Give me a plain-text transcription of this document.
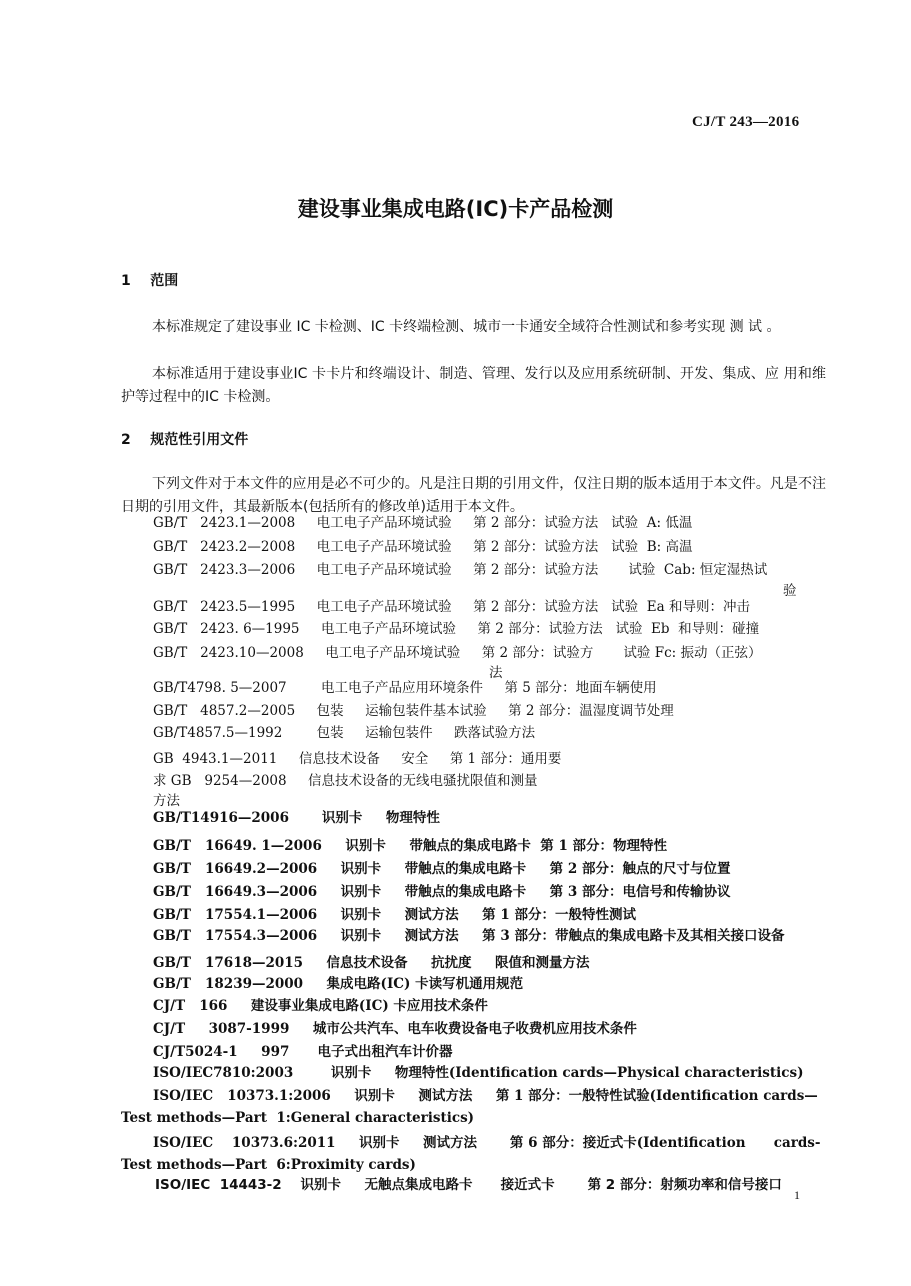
CJ/T 243—2016
建设事业集成电路(IC)卡产品检测
1    范围
本标准规定了建设事业 IC 卡检测、IC 卡终端检测、城市一卡通安全域符合性测试和参考实现 测 试 。
本标准适用于建设事业IC 卡卡片和终端设计、制造、管理、发行以及应用系统研制、开发、集成、应 用和维护等过程中的IC 卡检测。
2    规范性引用文件
下列文件对于本文件的应用是必不可少的。凡是注日期的引用文件，仅注日期的版本适用于本文件。凡是不注日期的引用文件，其最新版本(包括所有的修改单)适用于本文件。
GB/T   2423.1—2008     电工电子产品环境试验     第 2 部分：试验方法   试验  A: 低温
GB/T   2423.2—2008     电工电子产品环境试验     第 2 部分：试验方法   试验  B: 高温
GB/T   2423.3—2006     电工电子产品环境试验     第 2 部分：试验方法       试验  Cab: 恒定湿热试
验
GB/T   2423.5—1995     电工电子产品环境试验     第 2 部分：试验方法   试验  Ea 和导则：冲击
GB/T   2423. 6—1995     电工电子产品环境试验     第 2 部分：试验方法   试验  Eb  和导则：碰撞
GB/T   2423.10—2008     电工电子产品环境试验     第 2 部分：试验方       试验 Fc: 振动（正弦）
法
GB/T4798. 5—2007        电工电子产品应用环境条件     第 5 部分：地面车辆使用
GB/T   4857.2—2005     包装     运输包装件基本试验     第 2 部分：温湿度调节处理
GB/T4857.5—1992        包装     运输包装件     跌落试验方法
GB  4943.1—2011     信息技术设备     安全     第 1 部分：通用要
求 GB   9254—2008     信息技术设备的无线电骚扰限值和测量
方法
GB/T14916—2006       识别卡     物理特性
GB/T   16649. 1—2006     识别卡     带触点的集成电路卡  第 1 部分：物理特性
GB/T   16649.2—2006     识别卡     带触点的集成电路卡     第 2 部分：触点的尺寸与位置
GB/T   16649.3—2006     识别卡     带触点的集成电路卡     第 3 部分：电信号和传输协议
GB/T   17554.1—2006     识别卡     测试方法     第 1 部分：一般特性测试
GB/T   17554.3—2006     识别卡     测试方法     第 3 部分：带触点的集成电路卡及其相关接口设备
GB/T   17618—2015     信息技术设备     抗扰度     限值和测量方法
GB/T   18239—2000     集成电路(IC) 卡读写机通用规范
CJ/T   166     建设事业集成电路(IC) 卡应用技术条件
CJ/T     3087-1999     城市公共汽车、电车收费设备电子收费机应用技术条件
CJ/T5024-1     997      电子式出租汽车计价器
ISO/IEC7810:2003        识别卡     物理特性(Identification cards—Physical characteristics)
ISO/IEC   10373.1:2006     识别卡     测试方法     第 1 部分：一般特性试验(Identification cards—
Test methods—Part  1:General characteristics)
ISO/IEC    10373.6:2011     识别卡     测试方法       第 6 部分：接近式卡(Identification      cards-
Test methods—Part  6:Proximity cards)
ISO/IEC  14443-2    识别卡     无触点集成电路卡      接近式卡       第 2 部分：射频功率和信号接口
1
